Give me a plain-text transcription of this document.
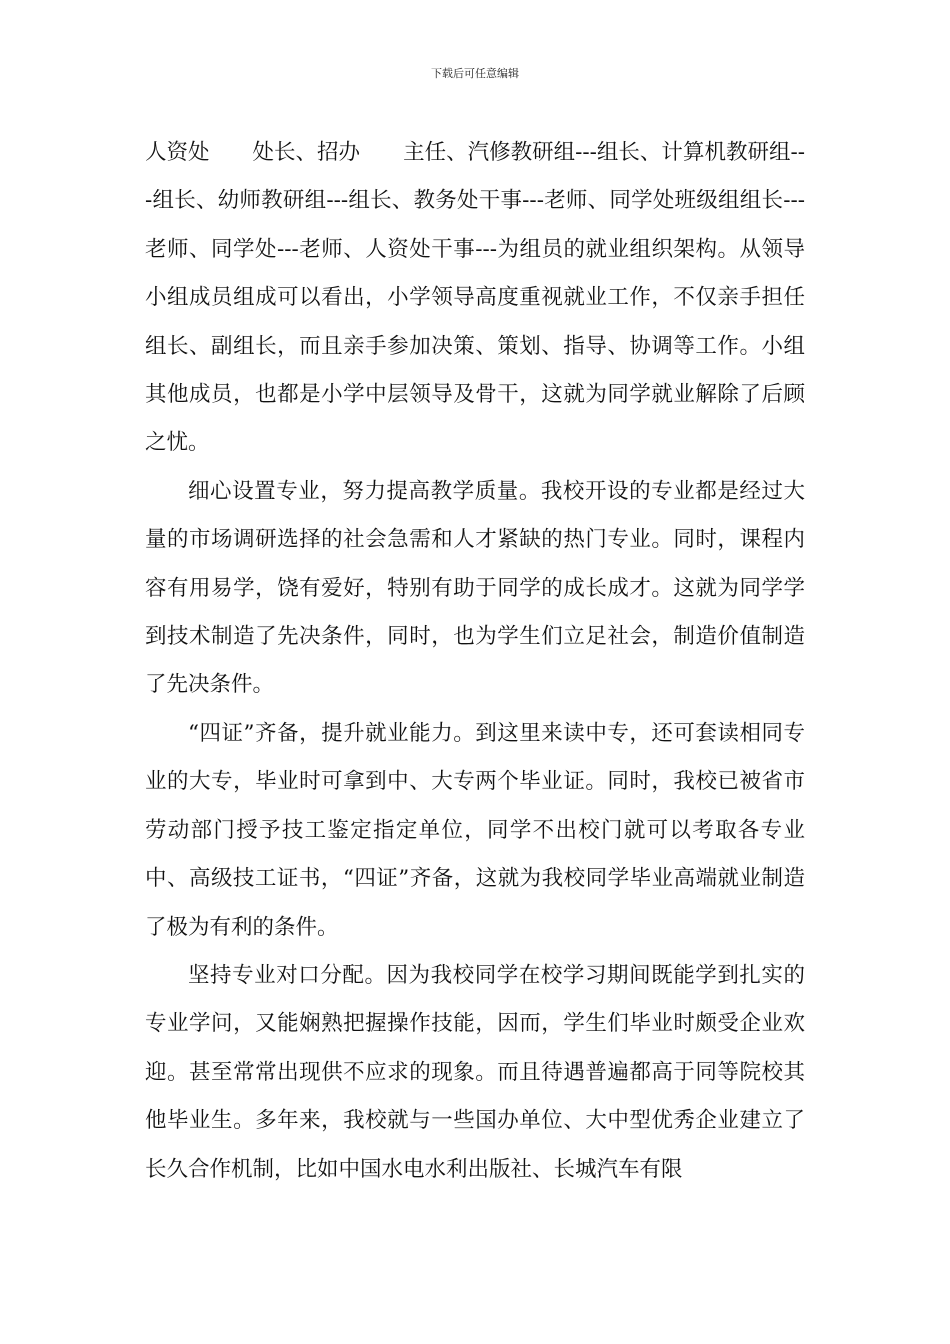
下载后可任意编辑

人资处　　处长、招办　　主任、汽修教研组---组长、计算机教研组---组长、幼师教研组---组长、教务处干事---老师、同学处班级组组长---老师、同学处---老师、人资处干事---为组员的就业组织架构。从领导小组成员组成可以看出，小学领导高度重视就业工作，不仅亲手担任组长、副组长，而且亲手参加决策、策划、指导、协调等工作。小组其他成员，也都是小学中层领导及骨干，这就为同学就业解除了后顾之忧。

细心设置专业，努力提高教学质量。我校开设的专业都是经过大量的市场调研选择的社会急需和人才紧缺的热门专业。同时，课程内容有用易学，饶有爱好，特别有助于同学的成长成才。这就为同学学到技术制造了先决条件，同时，也为学生们立足社会，制造价值制造了先决条件。

“四证”齐备，提升就业能力。到这里来读中专，还可套读相同专业的大专，毕业时可拿到中、大专两个毕业证。同时，我校已被省市劳动部门授予技工鉴定指定单位，同学不出校门就可以考取各专业中、高级技工证书，“四证”齐备，这就为我校同学毕业高端就业制造了极为有利的条件。

坚持专业对口分配。因为我校同学在校学习期间既能学到扎实的专业学问，又能娴熟把握操作技能，因而，学生们毕业时颇受企业欢迎。甚至常常出现供不应求的现象。而且待遇普遍都高于同等院校其他毕业生。多年来，我校就与一些国办单位、大中型优秀企业建立了长久合作机制，比如中国水电水利出版社、长城汽车有限
